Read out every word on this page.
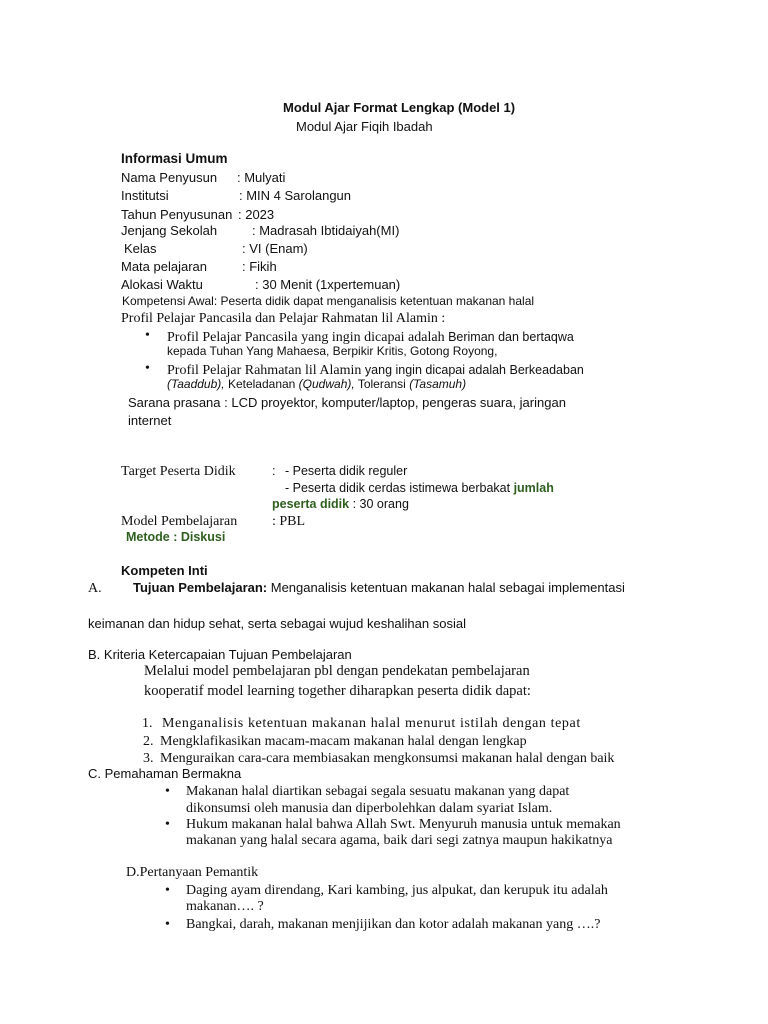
Modul Ajar Format Lengkap (Model 1)
Modul Ajar Fiqih Ibadah
Informasi Umum
Nama Penyusun : Mulyati
Institutsi	: MIN 4 Sarolangun
Tahun Penyusunan : 2023
Jenjang Sekolah	: Madrasah Ibtidaiyah(MI)
Kelas	: VI (Enam)
Mata pelajaran	: Fikih
Alokasi Waktu	: 30 Menit (1xpertemuan)
Kompetensi Awal: Peserta didik dapat menganalisis ketentuan makanan halal
Profil Pelajar Pancasila dan Pelajar Rahmatan lil Alamin :
• Profil Pelajar Pancasila yang ingin dicapai adalah Beriman dan bertaqwa
kepada Tuhan Yang Mahaesa, Berpikir Kritis, Gotong Royong,
• Profil Pelajar Rahmatan lil Alamin yang ingin dicapai adalah Berkeadaban
(Taaddub), Keteladanan (Qudwah), Toleransi (Tasamuh)
Sarana prasana : LCD proyektor, komputer/laptop, pengeras suara, jaringan
internet
Target Peserta Didik	: - Peserta didik reguler
- Peserta didik cerdas istimewa berbakat jumlah
peserta didik : 30 orang
Model Pembelajaran : PBL
Metode : Diskusi
Kompeten Inti
A. Tujuan Pembelajaran: Menganalisis ketentuan makanan halal sebagai implementasi
keimanan dan hidup sehat, serta sebagai wujud keshalihan sosial
B. Kriteria Ketercapaian Tujuan Pembelajaran
Melalui model pembelajaran pbl dengan pendekatan pembelajaran
kooperatif model learning together diharapkan peserta didik dapat:
1. Menganalisis ketentuan makanan halal menurut istilah dengan tepat
2. Mengklafikasikan macam-macam makanan halal dengan lengkap
3. Menguraikan cara-cara membiasakan mengkonsumsi makanan halal dengan baik
C. Pemahaman Bermakna
• Makanan halal diartikan sebagai segala sesuatu makanan yang dapat
dikonsumsi oleh manusia dan diperbolehkan dalam syariat Islam.
• Hukum makanan halal bahwa Allah Swt. Menyuruh manusia untuk memakan
makanan yang halal secara agama, baik dari segi zatnya maupun hakikatnya
D.Pertanyaan Pemantik
• Daging ayam direndang, Kari kambing, jus alpukat, dan kerupuk itu adalah
makanan…. ?
• Bangkai, darah, makanan menjijikan dan kotor adalah makanan yang ….?
